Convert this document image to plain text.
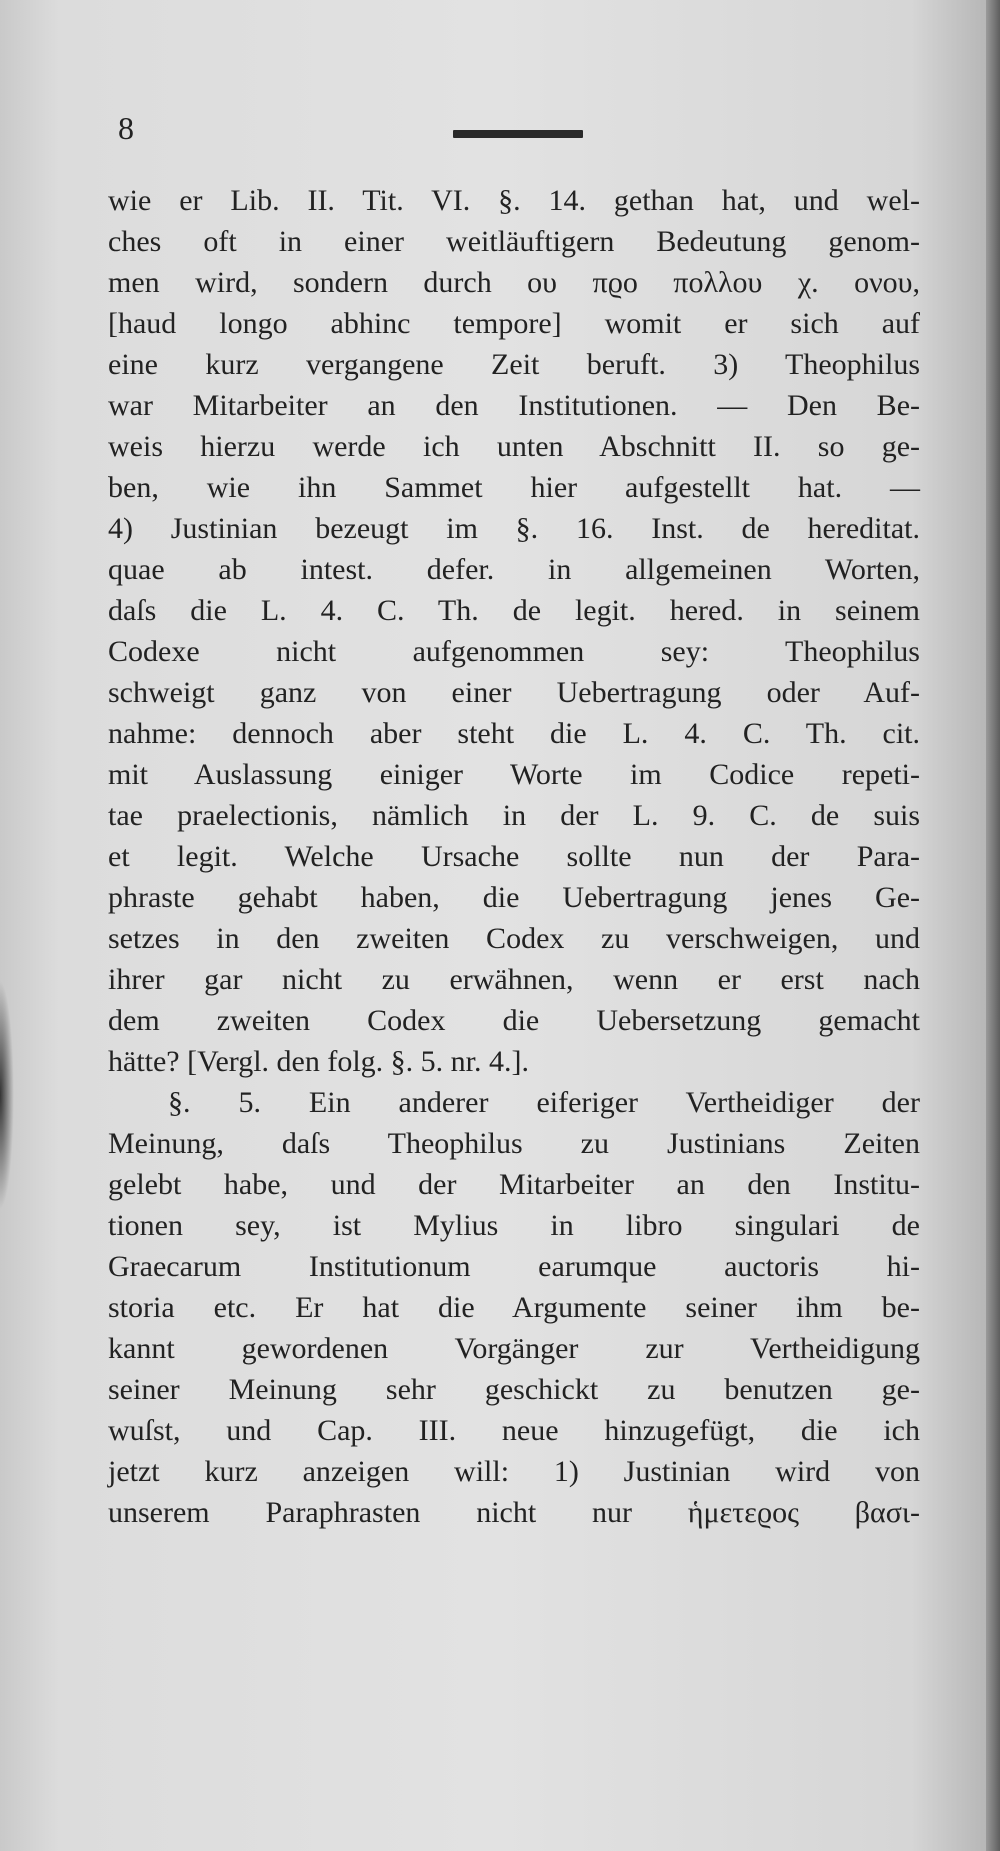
8
wie er Lib. II. Tit. VI. §. 14. gethan hat, und wel-
ches oft in einer weitläuftigern Bedeutung genom-
men wird, sondern durch ου πϱο πολλου χ. ονου,
[haud longo abhinc tempore] womit er sich auf
eine kurz vergangene Zeit beruft. 3) Theophilus
war Mitarbeiter an den Institutionen. — Den Be-
weis hierzu werde ich unten Abschnitt II. so ge-
ben, wie ihn Sammet hier aufgestellt hat. —
4) Justinian bezeugt im §. 16. Inst. de hereditat.
quae ab intest. defer. in allgemeinen Worten,
daſs die L. 4. C. Th. de legit. hered. in seinem
Codexe nicht aufgenommen sey: Theophilus
schweigt ganz von einer Uebertragung oder Auf-
nahme: dennoch aber steht die L. 4. C. Th. cit.
mit Auslassung einiger Worte im Codice repeti-
tae praelectionis, nämlich in der L. 9. C. de suis
et legit. Welche Ursache sollte nun der Para-
phraste gehabt haben, die Uebertragung jenes Ge-
setzes in den zweiten Codex zu verschweigen, und
ihrer gar nicht zu erwähnen, wenn er erst nach
dem zweiten Codex die Uebersetzung gemacht
hätte? [Vergl. den folg. §. 5. nr. 4.].
§. 5. Ein anderer eiferiger Vertheidiger der
Meinung, daſs Theophilus zu Justinians Zeiten
gelebt habe, und der Mitarbeiter an den Institu-
tionen sey, ist Mylius in libro singulari de
Graecarum Institutionum earumque auctoris hi-
storia etc. Er hat die Argumente seiner ihm be-
kannt gewordenen Vorgänger zur Vertheidigung
seiner Meinung sehr geschickt zu benutzen ge-
wuſst, und Cap. III. neue hinzugefügt, die ich
jetzt kurz anzeigen will: 1) Justinian wird von
unserem Paraphrasten nicht nur ἡμετεϱος βασι-
